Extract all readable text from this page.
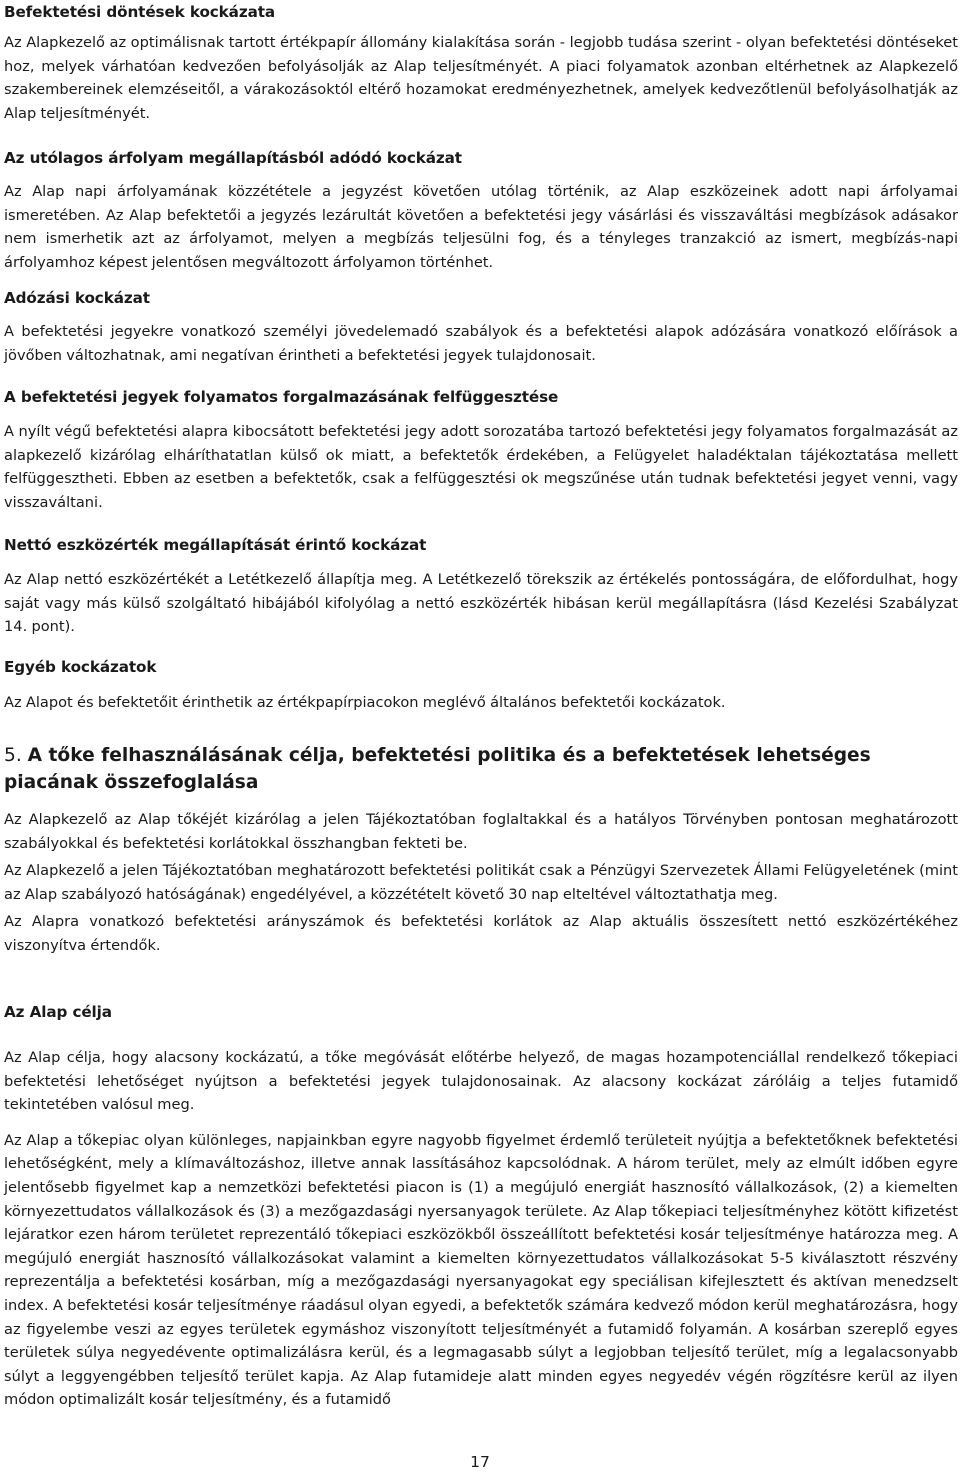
Befektetési döntések kockázata

Az Alapkezelő az optimálisnak tartott értékpapír állomány kialakítása során - legjobb tudása szerint - olyan befektetési döntéseket hoz, melyek várhatóan kedvezően befolyásolják az Alap teljesítményét. A piaci folyamatok azonban eltérhetnek az Alapkezelő szakembereinek elemzéseitől, a várakozásoktól eltérő hozamokat eredményezhetnek, amelyek kedvezőtlenül befolyásolhatják az Alap teljesítményét.

Az utólagos árfolyam megállapításból adódó kockázat

Az Alap napi árfolyamának közzététele a jegyzést követően utólag történik, az Alap eszközeinek adott napi árfolyamai ismeretében. Az Alap befektetői a jegyzés lezárultát követően a befektetési jegy vásárlási és visszaváltási megbízások adásakor nem ismerhetik azt az árfolyamot, melyen a megbízás teljesülni fog, és a tényleges tranzakció az ismert, megbízás-napi árfolyamhoz képest jelentősen megváltozott árfolyamon történhet.

Adózási kockázat

A befektetési jegyekre vonatkozó személyi jövedelemadó szabályok és a befektetési alapok adózására vonatkozó előírások a jövőben változhatnak, ami negatívan érintheti a befektetési jegyek tulajdonosait.

A befektetési jegyek folyamatos forgalmazásának felfüggesztése

A nyílt végű befektetési alapra kibocsátott befektetési jegy adott sorozatába tartozó befektetési jegy folyamatos forgalmazását az alapkezelő kizárólag elháríthatatlan külső ok miatt, a befektetők érdekében, a Felügyelet haladéktalan tájékoztatása mellett felfüggesztheti. Ebben az esetben a befektetők, csak a felfüggesztési ok megszűnése után tudnak befektetési jegyet venni, vagy visszaváltani.

Nettó eszközérték megállapítását érintő kockázat

Az Alap nettó eszközértékét a Letétkezelő állapítja meg. A Letétkezelő törekszik az értékelés pontosságára, de előfordulhat, hogy saját vagy más külső szolgáltató hibájából kifolyólag a nettó eszközérték hibásan kerül megállapításra (lásd Kezelési Szabályzat 14. pont).

Egyéb kockázatok

Az Alapot és befektetőit érinthetik az értékpapírpiacokon meglévő általános befektetői kockázatok.

5. A tőke felhasználásának célja, befektetési politika és a befektetések lehetséges piacának összefoglalása

Az Alapkezelő az Alap tőkéjét kizárólag a jelen Tájékoztatóban foglaltakkal és a hatályos Törvényben pontosan meghatározott szabályokkal és befektetési korlátokkal összhangban fekteti be.

Az Alapkezelő a jelen Tájékoztatóban meghatározott befektetési politikát csak a Pénzügyi Szervezetek Állami Felügyeletének (mint az Alap szabályozó hatóságának) engedélyével, a közzétételt követő 30 nap elteltével változtathatja meg.

Az Alapra vonatkozó befektetési arányszámok és befektetési korlátok az Alap aktuális összesített nettó eszközértékéhez viszonyítva értendők.

Az Alap célja

Az Alap célja, hogy alacsony kockázatú, a tőke megóvását előtérbe helyező, de magas hozampotenciállal rendelkező tőkepiaci befektetési lehetőséget nyújtson a befektetési jegyek tulajdonosainak. Az alacsony kockázat záróláig a teljes futamidő tekintetében valósul meg.

Az Alap a tőkepiac olyan különleges, napjainkban egyre nagyobb figyelmet érdemlő területeit nyújtja a befektetőknek befektetési lehetőségként, mely a klímaváltozáshoz, illetve annak lassításához kapcsolódnak. A három terület, mely az elmúlt időben egyre jelentősebb figyelmet kap a nemzetközi befektetési piacon is (1) a megújuló energiát hasznosító vállalkozások, (2) a kiemelten környezettudatos vállalkozások és (3) a mezőgazdasági nyersanyagok területe. Az Alap tőkepiaci teljesítményhez kötött kifizetést lejáratkor ezen három területet reprezentáló tőkepiaci eszközökből összeállított befektetési kosár teljesítménye határozza meg. A megújuló energiát hasznosító vállalkozásokat valamint a kiemelten környezettudatos vállalkozásokat 5-5 kiválasztott részvény reprezentálja a befektetési kosárban, míg a mezőgazdasági nyersanyagokat egy speciálisan kifejlesztett és aktívan menedzselt index. A befektetési kosár teljesítménye ráadásul olyan egyedi, a befektetők számára kedvező módon kerül meghatározásra, hogy az figyelembe veszi az egyes területek egymáshoz viszonyított teljesítményét a futamidő folyamán. A kosárban szereplő egyes területek súlya negyedévente optimalizálásra kerül, és a legmagasabb súlyt a legjobban teljesítő terület, míg a legalacsonyabb súlyt a leggyengébben teljesítő terület kapja. Az Alap futamideje alatt minden egyes negyedév végén rögzítésre kerül az ilyen módon optimalizált kosár teljesítmény, és a futamidő

17
